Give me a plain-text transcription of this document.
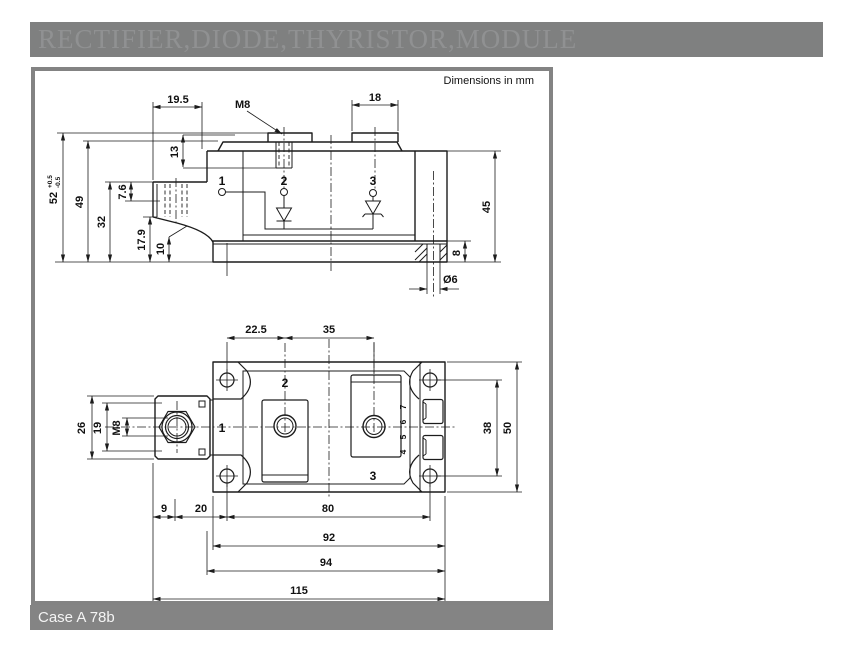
RECTIFIER,DIODE,THYRISTOR,MODULE
Dimensions in mm
1	2	3
19.5	M8
18
13
52
+0.5 -0.5
49
32
7.6
17.9 10
45
8
Ø6
1
2
3
4
5
6
7
22.5	35
26 19 M8	38 50
9	20	80
92
94
115
Case A 78b
